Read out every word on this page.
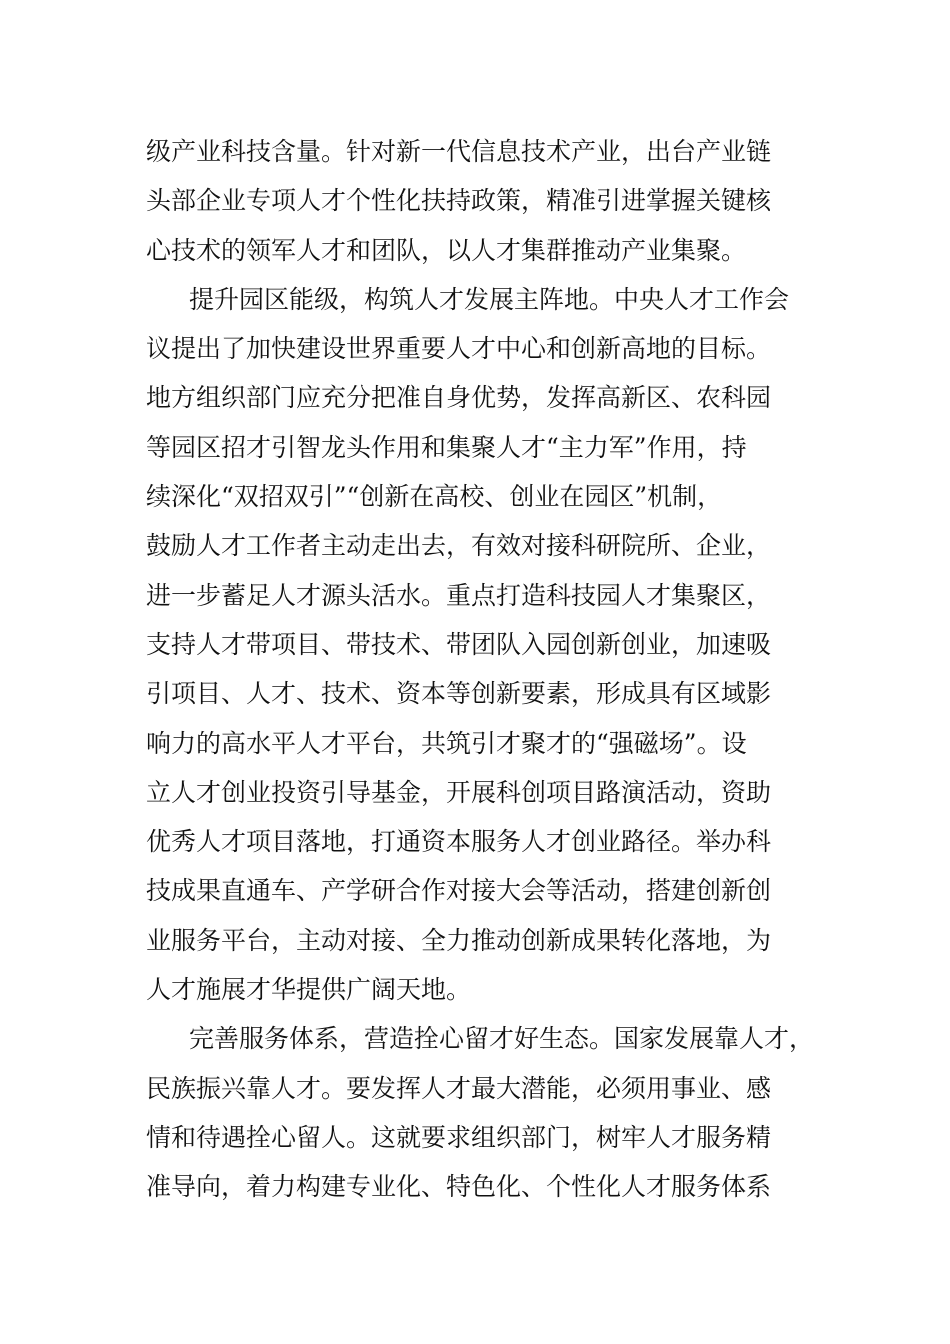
级产业科技含量。针对新一代信息技术产业，出台产业链
头部企业专项人才个性化扶持政策，精准引进掌握关键核
心技术的领军人才和团队，以人才集群推动产业集聚。
提升园区能级，构筑人才发展主阵地。中央人才工作会
议提出了加快建设世界重要人才中心和创新高地的目标。
地方组织部门应充分把准自身优势，发挥高新区、农科园
等园区招才引智龙头作用和集聚人才“主力军”作用，持
续深化“双招双引”“创新在高校、创业在园区”机制，
鼓励人才工作者主动走出去，有效对接科研院所、企业，
进一步蓄足人才源头活水。重点打造科技园人才集聚区，
支持人才带项目、带技术、带团队入园创新创业，加速吸
引项目、人才、技术、资本等创新要素，形成具有区域影
响力的高水平人才平台，共筑引才聚才的“强磁场”。设
立人才创业投资引导基金，开展科创项目路演活动，资助
优秀人才项目落地，打通资本服务人才创业路径。举办科
技成果直通车、产学研合作对接大会等活动，搭建创新创
业服务平台，主动对接、全力推动创新成果转化落地，为
人才施展才华提供广阔天地。
完善服务体系，营造拴心留才好生态。国家发展靠人才，
民族振兴靠人才。要发挥人才最大潜能，必须用事业、感
情和待遇拴心留人。这就要求组织部门，树牢人才服务精
准导向，着力构建专业化、特色化、个性化人才服务体系
